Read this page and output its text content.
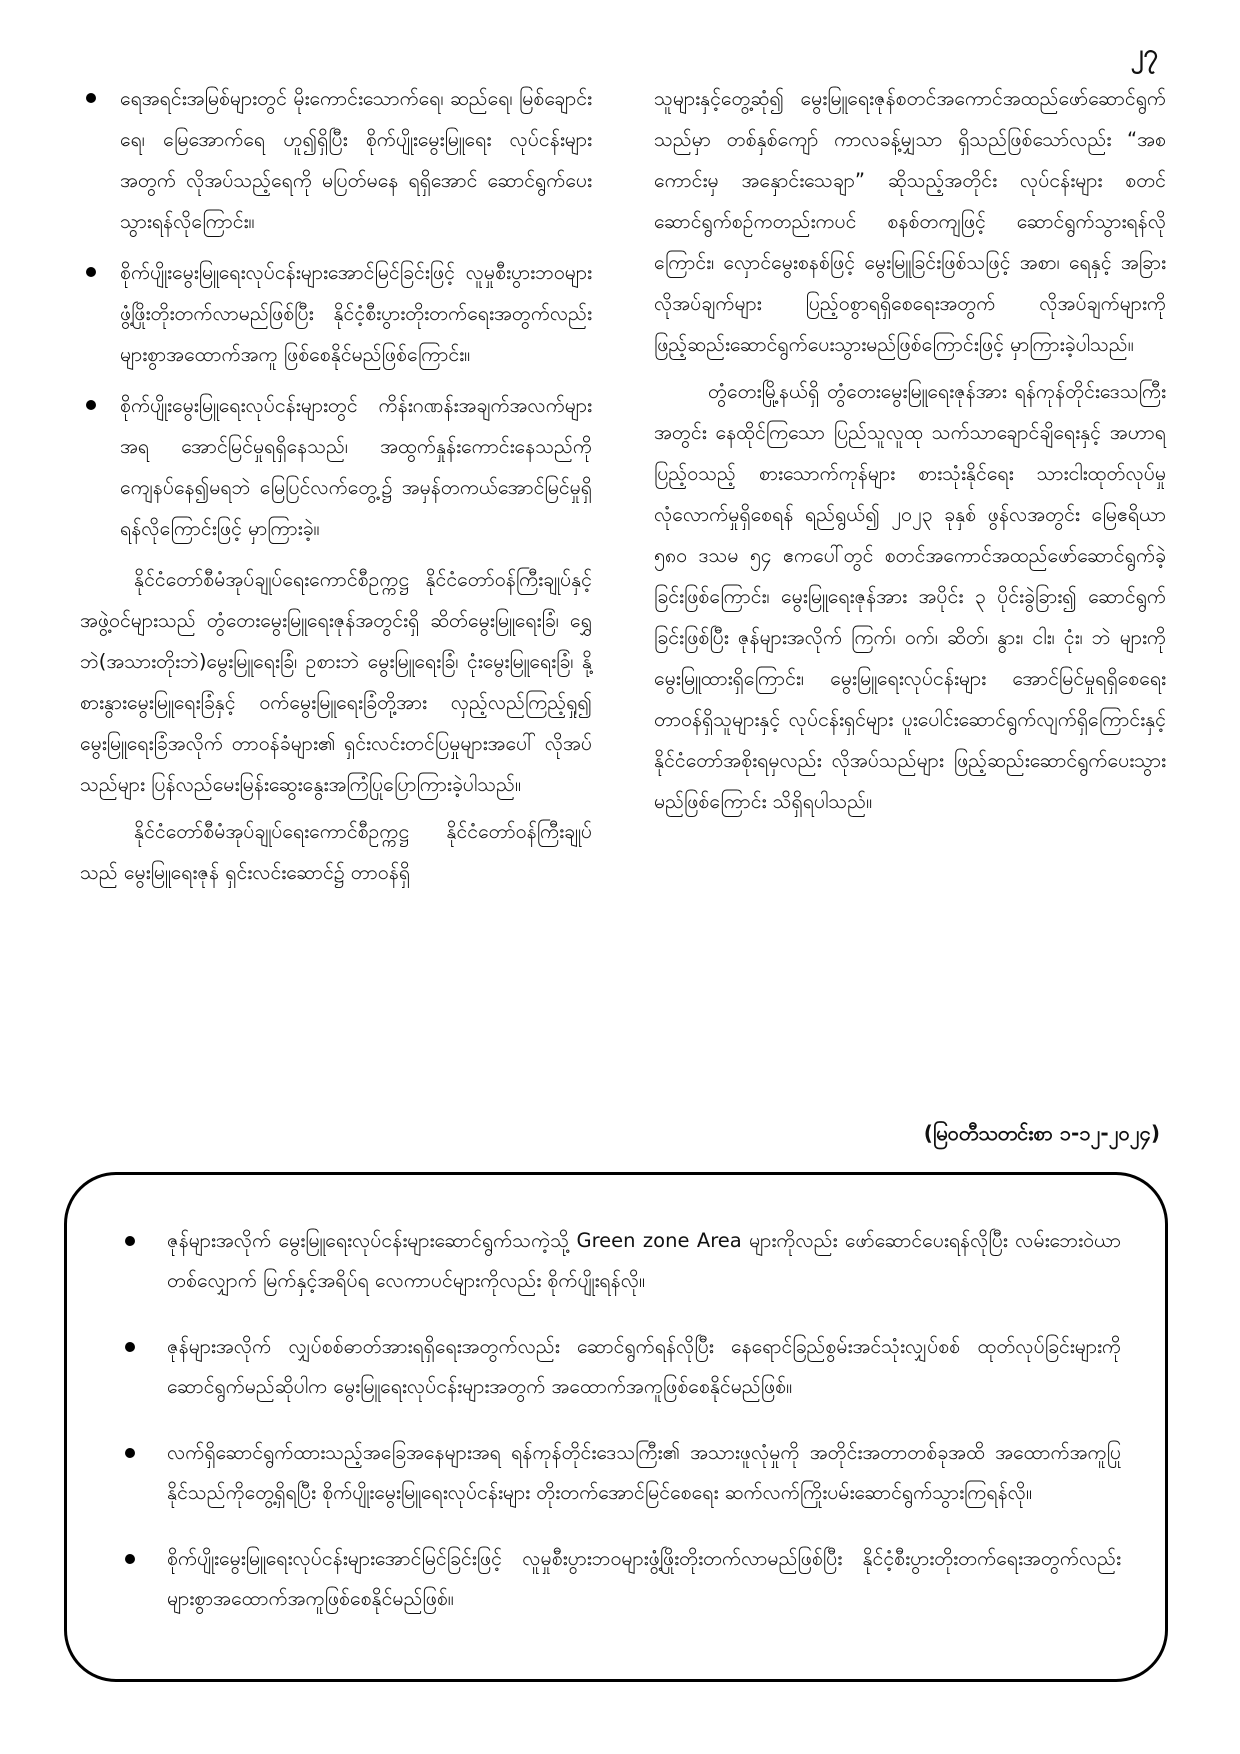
၂၇
ရေအရင်းအမြစ်များတွင် မိုးကောင်းသောက်ရေ၊ ဆည်ရေ၊ မြစ်ချောင်းရေ၊ မြေအောက်ရေ ဟူ၍ရှိပြီး စိုက်ပျိုးမွေးမြူရေး လုပ်ငန်းများအတွက် လိုအပ်သည့်ရေကို မပြတ်မနေ ရရှိအောင် ဆောင်ရွက်ပေးသွားရန်လိုကြောင်း။
စိုက်ပျိုးမွေးမြူရေးလုပ်ငန်းများအောင်မြင်ခြင်းဖြင့် လူမှုစီးပွားဘဝများဖွံ့ဖြိုးတိုးတက်လာမည်ဖြစ်ပြီး နိုင်ငံ့စီးပွားတိုးတက်ရေးအတွက်လည်း များစွာအထောက်အကူ ဖြစ်စေနိုင်မည်ဖြစ်ကြောင်း။
စိုက်ပျိုးမွေးမြူရေးလုပ်ငန်းများတွင် ကိန်းဂဏန်းအချက်အလက်များအရ အောင်မြင်မှုရရှိနေသည်၊ အထွက်နှုန်းကောင်းနေသည်ကို ကျေနပ်နေ၍မရဘဲ မြေပြင်လက်တွေ့၌ အမှန်တကယ်အောင်မြင်မှုရှိရန်လိုကြောင်းဖြင့် မှာကြားခဲ့။

နိုင်ငံတော်စီမံအုပ်ချုပ်ရေးကောင်စီဥက္ကဋ္ဌ နိုင်ငံတော်ဝန်ကြီးချုပ်နှင့် အဖွဲ့ဝင်များသည် တွံတေးမွေးမြူရေးဇုန်အတွင်းရှိ ဆိတ်မွေးမြူရေးခြံ၊ ရွှေဘဲ(အသားတိုးဘဲ)မွေးမြူရေးခြံ၊ ဥစားဘဲ မွေးမြူရေးခြံ၊ ငုံးမွေးမြူရေးခြံ၊ နို့စားနွားမွေးမြူရေးခြံနှင့် ဝက်မွေးမြူရေးခြံတို့အား လှည့်လည်ကြည့်ရှု၍ မွေးမြူရေးခြံအလိုက် တာဝန်ခံများ၏ ရှင်းလင်းတင်ပြမှုများအပေါ် လိုအပ်သည်များ ပြန်လည်မေးမြန်းဆွေးနွေးအကြံပြုပြောကြားခဲ့ပါသည်။

နိုင်ငံတော်စီမံအုပ်ချုပ်ရေးကောင်စီဥက္ကဋ္ဌ နိုင်ငံတော်ဝန်ကြီးချုပ်သည် မွေးမြူရေးဇုန် ရှင်းလင်းဆောင်၌ တာဝန်ရှိ

သူများနှင့်တွေ့ဆုံ၍ မွေးမြူရေးဇုန်စတင်အကောင်အထည်ဖော်ဆောင်ရွက်သည်မှာ တစ်နှစ်ကျော် ကာလခန့်မျှသာ ရှိသည်ဖြစ်သော်လည်း “အစကောင်းမှ အနှောင်းသေချာ” ဆိုသည့်အတိုင်း လုပ်ငန်းများ စတင်ဆောင်ရွက်စဉ်ကတည်းကပင် စနစ်တကျဖြင့် ဆောင်ရွက်သွားရန်လိုကြောင်း၊ လှောင်မွေးစနစ်ဖြင့် မွေးမြူခြင်းဖြစ်သဖြင့် အစာ၊ ရေနှင့် အခြား လိုအပ်ချက်များ ပြည့်ဝစွာရရှိစေရေးအတွက် လိုအပ်ချက်များကို ဖြည့်ဆည်းဆောင်ရွက်ပေးသွားမည်ဖြစ်ကြောင်းဖြင့် မှာကြားခဲ့ပါသည်။

တွံတေးမြို့နယ်ရှိ တွံတေးမွေးမြူရေးဇုန်အား ရန်ကုန်တိုင်းဒေသကြီးအတွင်း နေထိုင်ကြသော ပြည်သူလူထု သက်သာချောင်ချိရေးနှင့် အဟာရပြည့်ဝသည့် စားသောက်ကုန်များ စားသုံးနိုင်ရေး သားငါးထုတ်လုပ်မှုလုံလောက်မှုရှိစေရန် ရည်ရွယ်၍ ၂၀၂၃ ခုနှစ် ဖွန်လအတွင်း မြေဧရိယာ ၅၈၀ ဒသမ ၅၄ ဧကပေါ်တွင် စတင်အကောင်အထည်ဖော်ဆောင်ရွက်ခဲ့ခြင်းဖြစ်ကြောင်း၊ မွေးမြူရေးဇုန်အား အပိုင်း ၃ ပိုင်းခွဲခြား၍ ဆောင်ရွက်ခြင်းဖြစ်ပြီး ဇုန်များအလိုက် ကြက်၊ ဝက်၊ ဆိတ်၊ နွား၊ ငါး၊ ငုံး၊ ဘဲ များကို မွေးမြူထားရှိကြောင်း၊ မွေးမြူရေးလုပ်ငန်းများ အောင်မြင်မှုရရှိစေရေး တာဝန်ရှိသူများနှင့် လုပ်ငန်းရှင်များ ပူးပေါင်းဆောင်ရွက်လျက်ရှိကြောင်းနှင့် နိုင်ငံတော်အစိုးရမှလည်း လိုအပ်သည်များ ဖြည့်ဆည်းဆောင်ရွက်ပေးသွားမည်ဖြစ်ကြောင်း သိရှိရပါသည်။

(မြဝတီသတင်းစာ ၁-၁၂-၂၀၂၄)
ဇုန်များအလိုက် မွေးမြူရေးလုပ်ငန်းများဆောင်ရွက်သကဲ့သို့ Green zone Area များကိုလည်း ဖော်ဆောင်ပေးရန်လိုပြီး လမ်းဘေးဝဲယာတစ်လျှောက် မြက်နှင့်အရိပ်ရ လေကာပင်များကိုလည်း စိုက်ပျိုးရန်လို။
ဇုန်များအလိုက် လျှပ်စစ်ဓာတ်အားရရှိရေးအတွက်လည်း ဆောင်ရွက်ရန်လိုပြီး နေရောင်ခြည်စွမ်းအင်သုံးလျှပ်စစ် ထုတ်လုပ်ခြင်းများကို ဆောင်ရွက်မည်ဆိုပါက မွေးမြူရေးလုပ်ငန်းများအတွက် အထောက်အကူဖြစ်စေနိုင်မည်ဖြစ်။
လက်ရှိဆောင်ရွက်ထားသည့်အခြေအနေများအရ ရန်ကုန်တိုင်းဒေသကြီး၏ အသားဖူလုံမှုကို အတိုင်းအတာတစ်ခုအထိ အထောက်အကူပြုနိုင်သည်ကိုတွေ့ရှိရပြီး စိုက်ပျိုးမွေးမြူရေးလုပ်ငန်းများ တိုးတက်အောင်မြင်စေရေး ဆက်လက်ကြိုးပမ်းဆောင်ရွက်သွားကြရန်လို။
စိုက်ပျိုးမွေးမြူရေးလုပ်ငန်းများအောင်မြင်ခြင်းဖြင့် လူမှုစီးပွားဘဝများဖွံ့ဖြိုးတိုးတက်လာမည်ဖြစ်ပြီး နိုင်ငံ့စီးပွားတိုးတက်ရေးအတွက်လည်း များစွာအထောက်အကူဖြစ်စေနိုင်မည်ဖြစ်။
